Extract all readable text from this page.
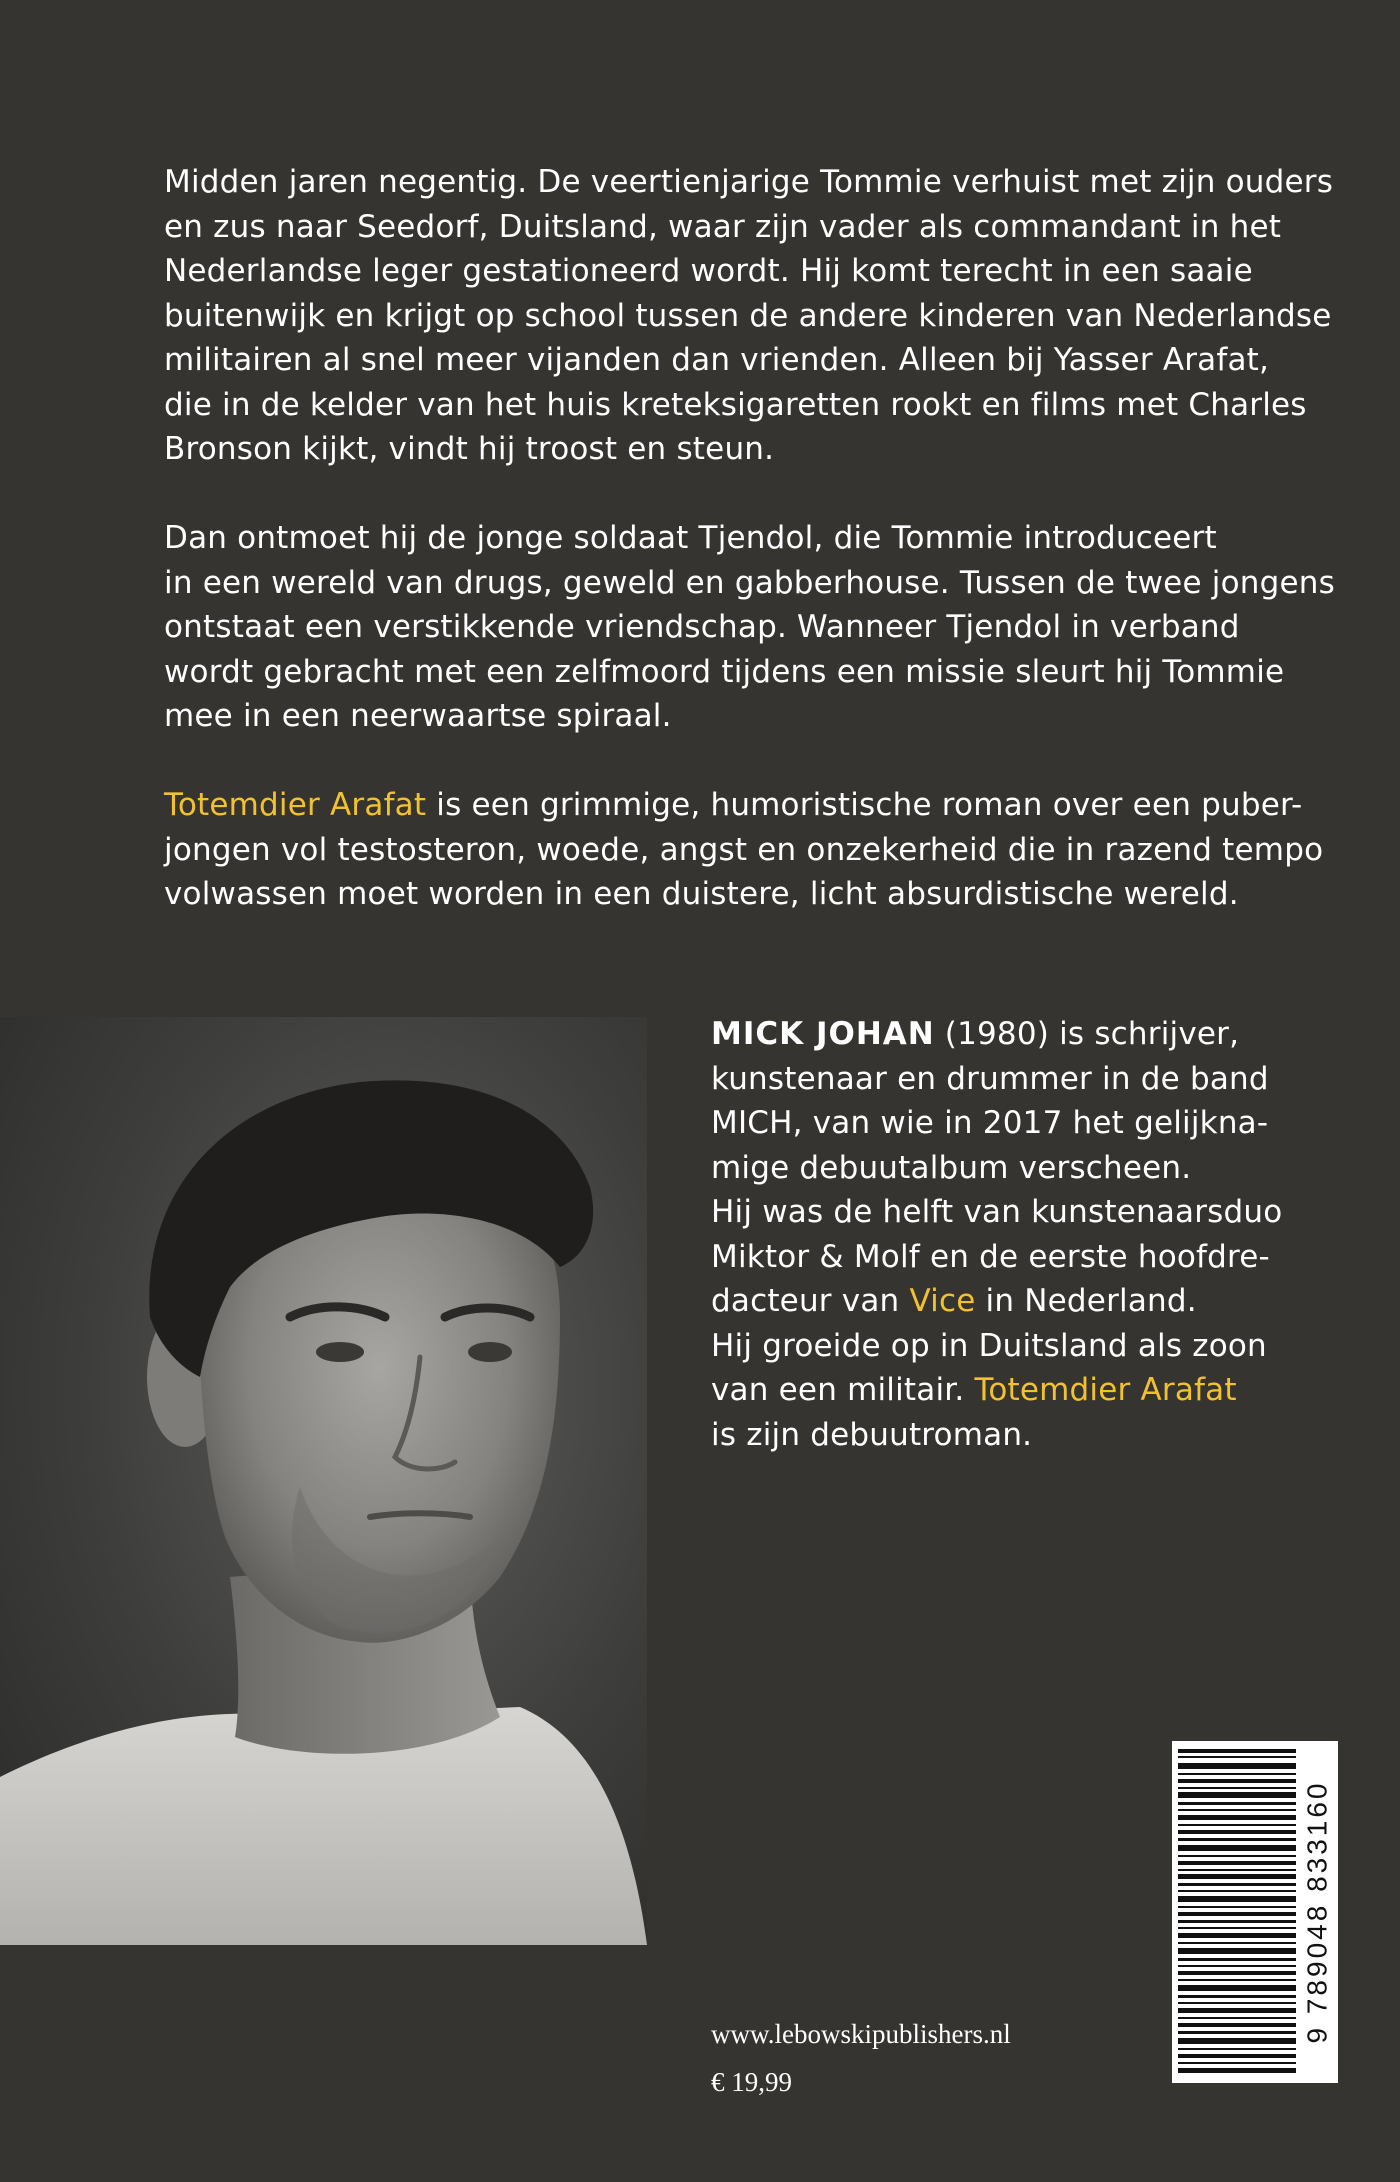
Midden jaren negentig. De veertienjarige Tommie verhuist met zijn ouders
en zus naar Seedorf, Duitsland, waar zijn vader als commandant in het
Nederlandse leger gestationeerd wordt. Hij komt terecht in een saaie
buitenwijk en krijgt op school tussen de andere kinderen van Nederlandse
militairen al snel meer vijanden dan vrienden. Alleen bij Yasser Arafat,
die in de kelder van het huis kreteksigaretten rookt en films met Charles
Bronson kijkt, vindt hij troost en steun.

Dan ontmoet hij de jonge soldaat Tjendol, die Tommie introduceert
in een wereld van drugs, geweld en gabberhouse. Tussen de twee jongens
ontstaat een verstikkende vriendschap. Wanneer Tjendol in verband
wordt gebracht met een zelfmoord tijdens een missie sleurt hij Tommie
mee in een neerwaartse spiraal.

Totemdier Arafat is een grimmige, humoristische roman over een puber-
jongen vol testosteron, woede, angst en onzekerheid die in razend tempo
volwassen moet worden in een duistere, licht absurdistische wereld.

MICK JOHAN (1980) is schrijver,
kunstenaar en drummer in de band
MICH, van wie in 2017 het gelijkna-
mige debuutalbum verscheen.
Hij was de helft van kunstenaarsduo
Miktor & Molf en de eerste hoofdre-
dacteur van Vice in Nederland.
Hij groeide op in Duitsland als zoon
van een militair. Totemdier Arafat
is zijn debuutroman.
9 789048 833160
www.lebowskipublishers.nl
€ 19,99
